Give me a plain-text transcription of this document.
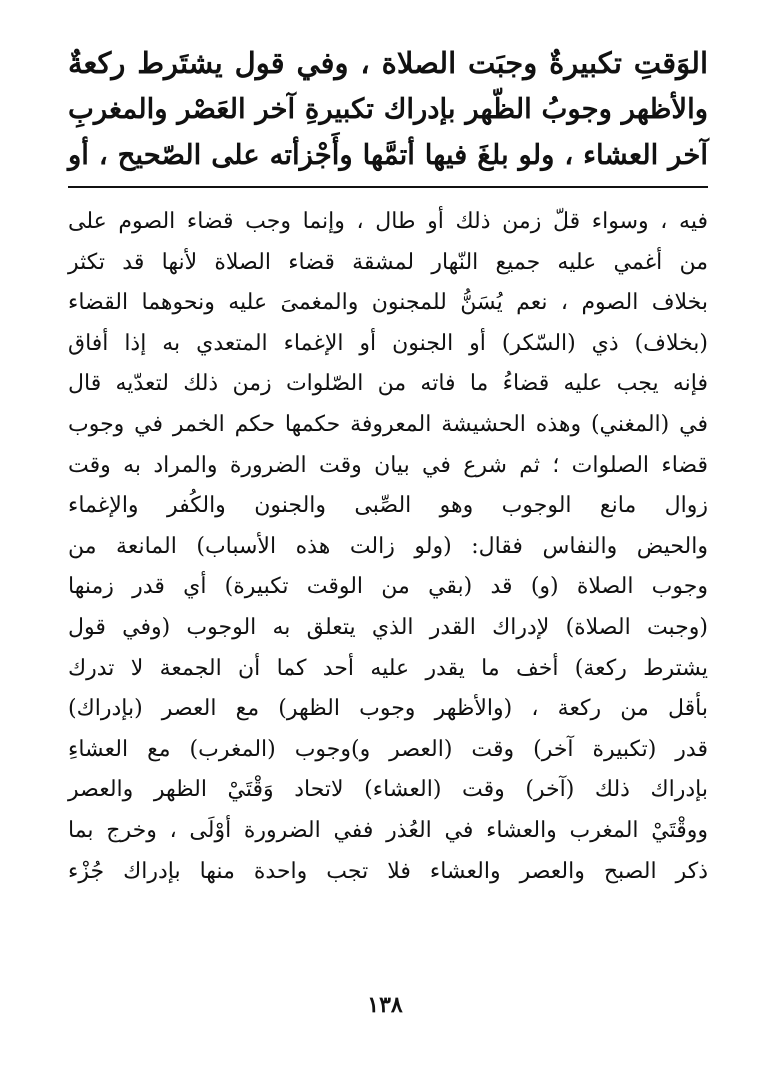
الوَقتِ تكبيرةٌ وجبَت الصلاة ، وفي قول يشتَرط ركعةٌ
والأظهر وجوبُ الظّهر بإدراك تكبيرةِ آخر العَصْر والمغربِ
آخر العشاء ، ولو بلغَ فيها أتمَّها وأَجْزأته على الصّحيح ، أو
فيه ، وسواء قلّ زمن ذلك أو طال ، وإنما وجب قضاء الصوم على
من أغمي عليه جميع النّهار لمشقة قضاء الصلاة لأنها قد تكثر
بخلاف الصوم ، نعم يُسَنُّ للمجنون والمغمىَ عليه ونحوهما القضاء
(بخلاف) ذي (السّكر) أو الجنون أو الإغماء المتعدي به إذا أفاق
فإنه يجب عليه قضاءُ ما فاته من الصّلوات زمن ذلك لتعدّيه قال
في (المغني) وهذه الحشيشة المعروفة حكمها حكم الخمر في وجوب
قضاء الصلوات ؛ ثم شرع في بيان وقت الضرورة والمراد به وقت
زوال مانع الوجوب وهو الصِّبى والجنون والكُفر والإغماء
والحيض والنفاس فقال: (ولو زالت هذه الأسباب) المانعة من
وجوب الصلاة (و) قد (بقي من الوقت تكبيرة) أي قدر زمنها
(وجبت الصلاة) لإدراك القدر الذي يتعلق به الوجوب (وفي قول
يشترط ركعة) أخف ما يقدر عليه أحد كما أن الجمعة لا تدرك
بأقل من ركعة ، (والأظهر وجوب الظهر) مع العصر (بإدراك)
قدر (تكبيرة آخر) وقت (العصر و)وجوب (المغرب) مع العشاءِ
بإدراك ذلك (آخر) وقت (العشاء) لاتحاد وَقْتَيْ الظهر والعصر
ووقْتَيْ المغرب والعشاء في العُذر ففي الضرورة أوْلَى ، وخرج بما
ذكر الصبح والعصر والعشاء فلا تجب واحدة منها بإدراك جُزْء
١٣٨
